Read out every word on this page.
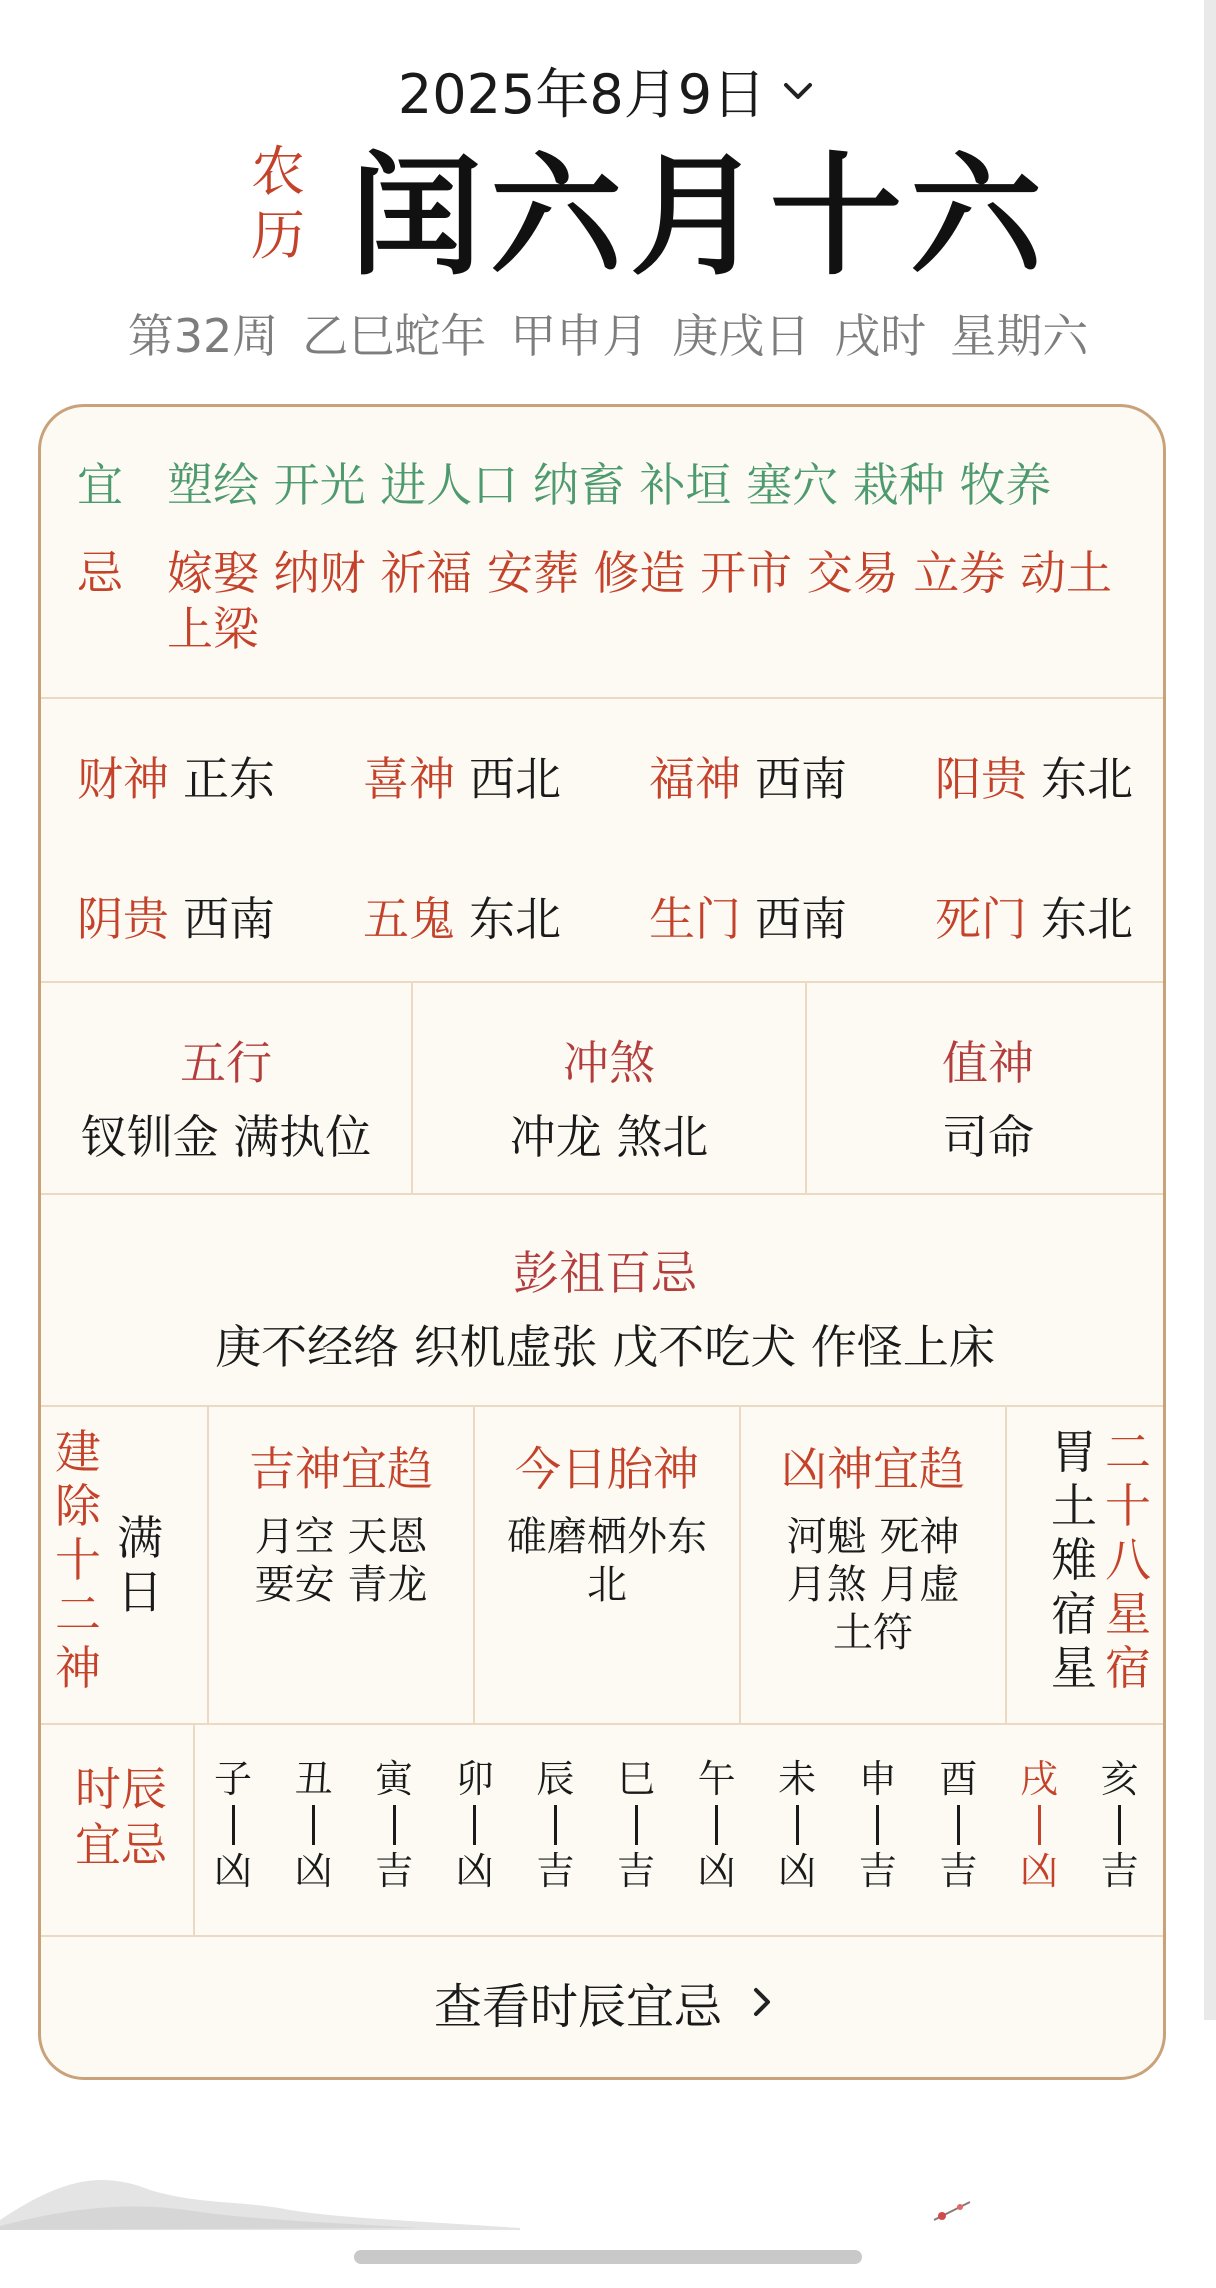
2025年8月9日
农
历 闰六月十六
第32周 乙巳蛇年 甲申月 庚戌日 戌时 星期六
宜 塑绘 开光 进人口 纳畜 补垣 塞穴 栽种 牧养
忌 嫁娶 纳财 祈福 安葬 修造 开市 交易 立券 动土 上梁
财神 正东 喜神 西北 福神 西南 阳贵 东北
阴贵 西南 五鬼 东北 生门 西南 死门 东北
五行
钗钏金 满执位
冲煞
冲龙 煞北
值神
司命
彭祖百忌
庚不经络 织机虚张 戊不吃犬 作怪上床
建
除
十
二
神
满
日
吉神宜趋
月空 天恩
要安 青龙
今日胎神
碓磨栖外东
北
凶神宜趋
河魁 死神
月煞 月虚
土符
胃
土
雉
宿
星
二
十
八
星
宿
时辰
宜忌
子
凶
丑
凶
寅
吉
卯
凶
辰
吉
巳
吉
午
凶
未
凶
申
吉
酉
吉
戌
凶
亥
吉
查看时辰宜忌
